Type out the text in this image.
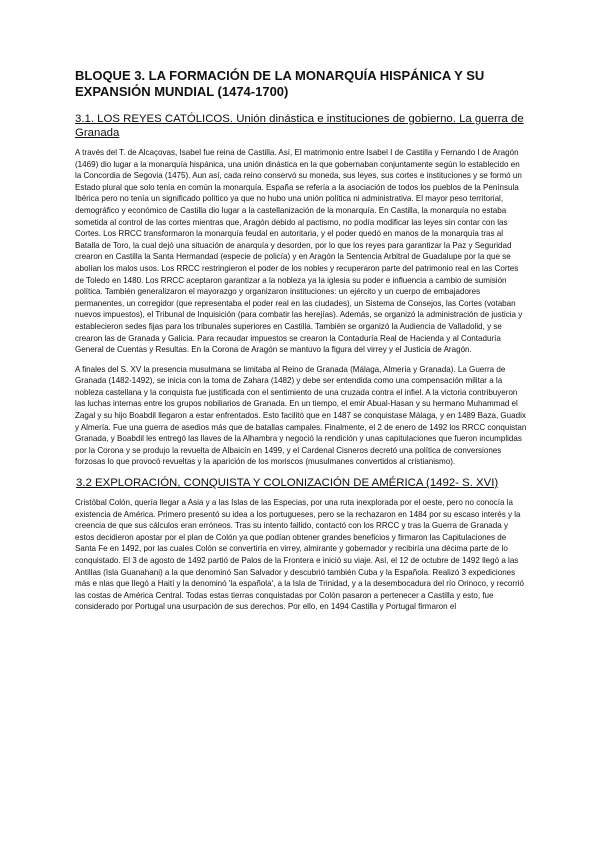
BLOQUE 3. LA FORMACIÓN DE LA MONARQUÍA HISPÁNICA Y SU EXPANSIÓN MUNDIAL (1474-1700)
3.1. LOS REYES CATÓLICOS. Unión dinástica e instituciones de gobierno. La guerra de Granada

A través del T. de Alcaçovas, Isabel fue reina de Castilla. Así, El matrimonio entre Isabel I de Castilla y Fernando I de Aragón (1469) dio lugar a la monarquía hispánica, una unión dinástica en la que gobernaban conjuntamente según lo establecido en la Concordia de Segovia (1475). Aun así, cada reino conservó su moneda, sus leyes, sus cortes e instituciones y se formó un Estado plural que solo tenía en común la monarquía. España se refería a la asociación de todos los pueblos de la Península Ibérica pero no tenía un significado político ya que no hubo una unión política ni administrativa. El mayor peso territorial, demográfico y económico de Castilla dio lugar a la castellanización de la monarquía. En Castilla, la monarquía no estaba sometida al control de las cortes mientras que, Aragón debido al pactismo, no podía modificar las leyes sin contar con las Cortes. Los RRCC transformaron la monarquía feudal en autoritaria, y el poder quedó en manos de la monarquía tras al Batalla de Toro, la cual dejó una situación de anarquía y desorden, por lo que los reyes para garantizar la Paz y Seguridad crearon en Castilla la Santa Hermandad (especie de policía) y en Aragón la Sentencia Arbitral de Guadalupe por la que se abolían los malos usos. Los RRCC restringieron el poder de los nobles y recuperaron parte del patrimonio real en las Cortes de Toledo en 1480. Los RRCC aceptaron garantizar a la nobleza ya la iglesia su poder e influencia a cambio de sumisión política. También generalizaron el mayorazgo y organizaron instituciones: un ejército y un cuerpo de embajadores permanentes, un corregidor (que representaba el poder real en las ciudades), un Sistema de Consejos, las Cortes (votaban nuevos impuestos), el Tribunal de Inquisición (para combatir las herejías). Además, se organizó la administración de justicia y establecieron sedes fijas para los tribunales superiores en Castilla. También se organizó la Audiencia de Valladolid, y se crearon las de Granada y Galicia. Para recaudar impuestos se crearon la Contaduría Real de Hacienda y al Contaduría General de Cuentas y Resultas. En la Corona de Aragón se mantuvo la figura del virrey y el Justicia de Aragón.

A finales del S. XV la presencia musulmana se limitaba al Reino de Granada (Málaga, Almería y Granada). La Guerra de Granada (1482-1492), se inicia con la toma de Zahara (1482) y debe ser entendida como una compensación militar a la nobleza castellana y la conquista fue justificada con el sentimiento de una cruzada contra el infiel. A la victoria contribuyeron las luchas internas entre los grupos nobiliarios de Granada. En un tiempo, el emir Abual-Hasan y su hermano Muhammad el Zagal y su hijo Boabdil llegaron a estar enfrentados. Esto facilitó que en 1487 se conquistase Málaga, y en 1489 Baza, Guadix y Almería. Fue una guerra de asedios más que de batallas campales. Finalmente, el 2 de enero de 1492 los RRCC conquistan Granada, y Boabdil les entregó las llaves de la Alhambra y negoció la rendición y unas capitulaciones que fueron incumplidas por la Corona y se produjo la revuelta de Albaicín en 1499, y el Cardenal Cisneros decretó una política de conversiones forzosas lo que provocó revueltas y la aparición de los moriscos (musulmanes convertidos al cristianismo).

3.2 EXPLORACIÓN, CONQUISTA Y COLONIZACIÓN DE AMÉRICA (1492- S. XVI)

Cristóbal Colón, quería llegar a Asia y a las Islas de las Especias, por una ruta inexplorada por el oeste, pero no conocía la existencia de América. Primero presentó su idea a los portugueses, pero se la rechazaron en 1484 por su escaso interés y la creencia de que sus cálculos eran erróneos. Tras su intento fallido, contactó con los RRCC y tras la Guerra de Granada y estos decidieron apostar por el plan de Colón ya que podían obtener grandes beneficios y firmaron las Capitulaciones de Santa Fe en 1492, por las cuales Colón se convertiría en virrey, almirante y gobernador y recibiría una décima parte de lo conquistado. El 3 de agosto de 1492 partió de Palos de la Frontera e inició su viaje. Así, el 12 de octubre de 1492 llegó a las Antillas (Isla Guanahani) a la que denominó San Salvador y descubrió también Cuba y la Española. Realizó 3 expediciones más e nlas que llegó a Haití y la denominó 'la española', a la Isla de Trinidad, y a la desembocadura del río Orinoco, y recorrió las costas de América Central. Todas estas tierras conquistadas por Colón pasaron a pertenecer a Castilla y esto, fue considerado por Portugal una usurpación de sus derechos. Por ello, en 1494 Castilla y Portugal firmaron el
